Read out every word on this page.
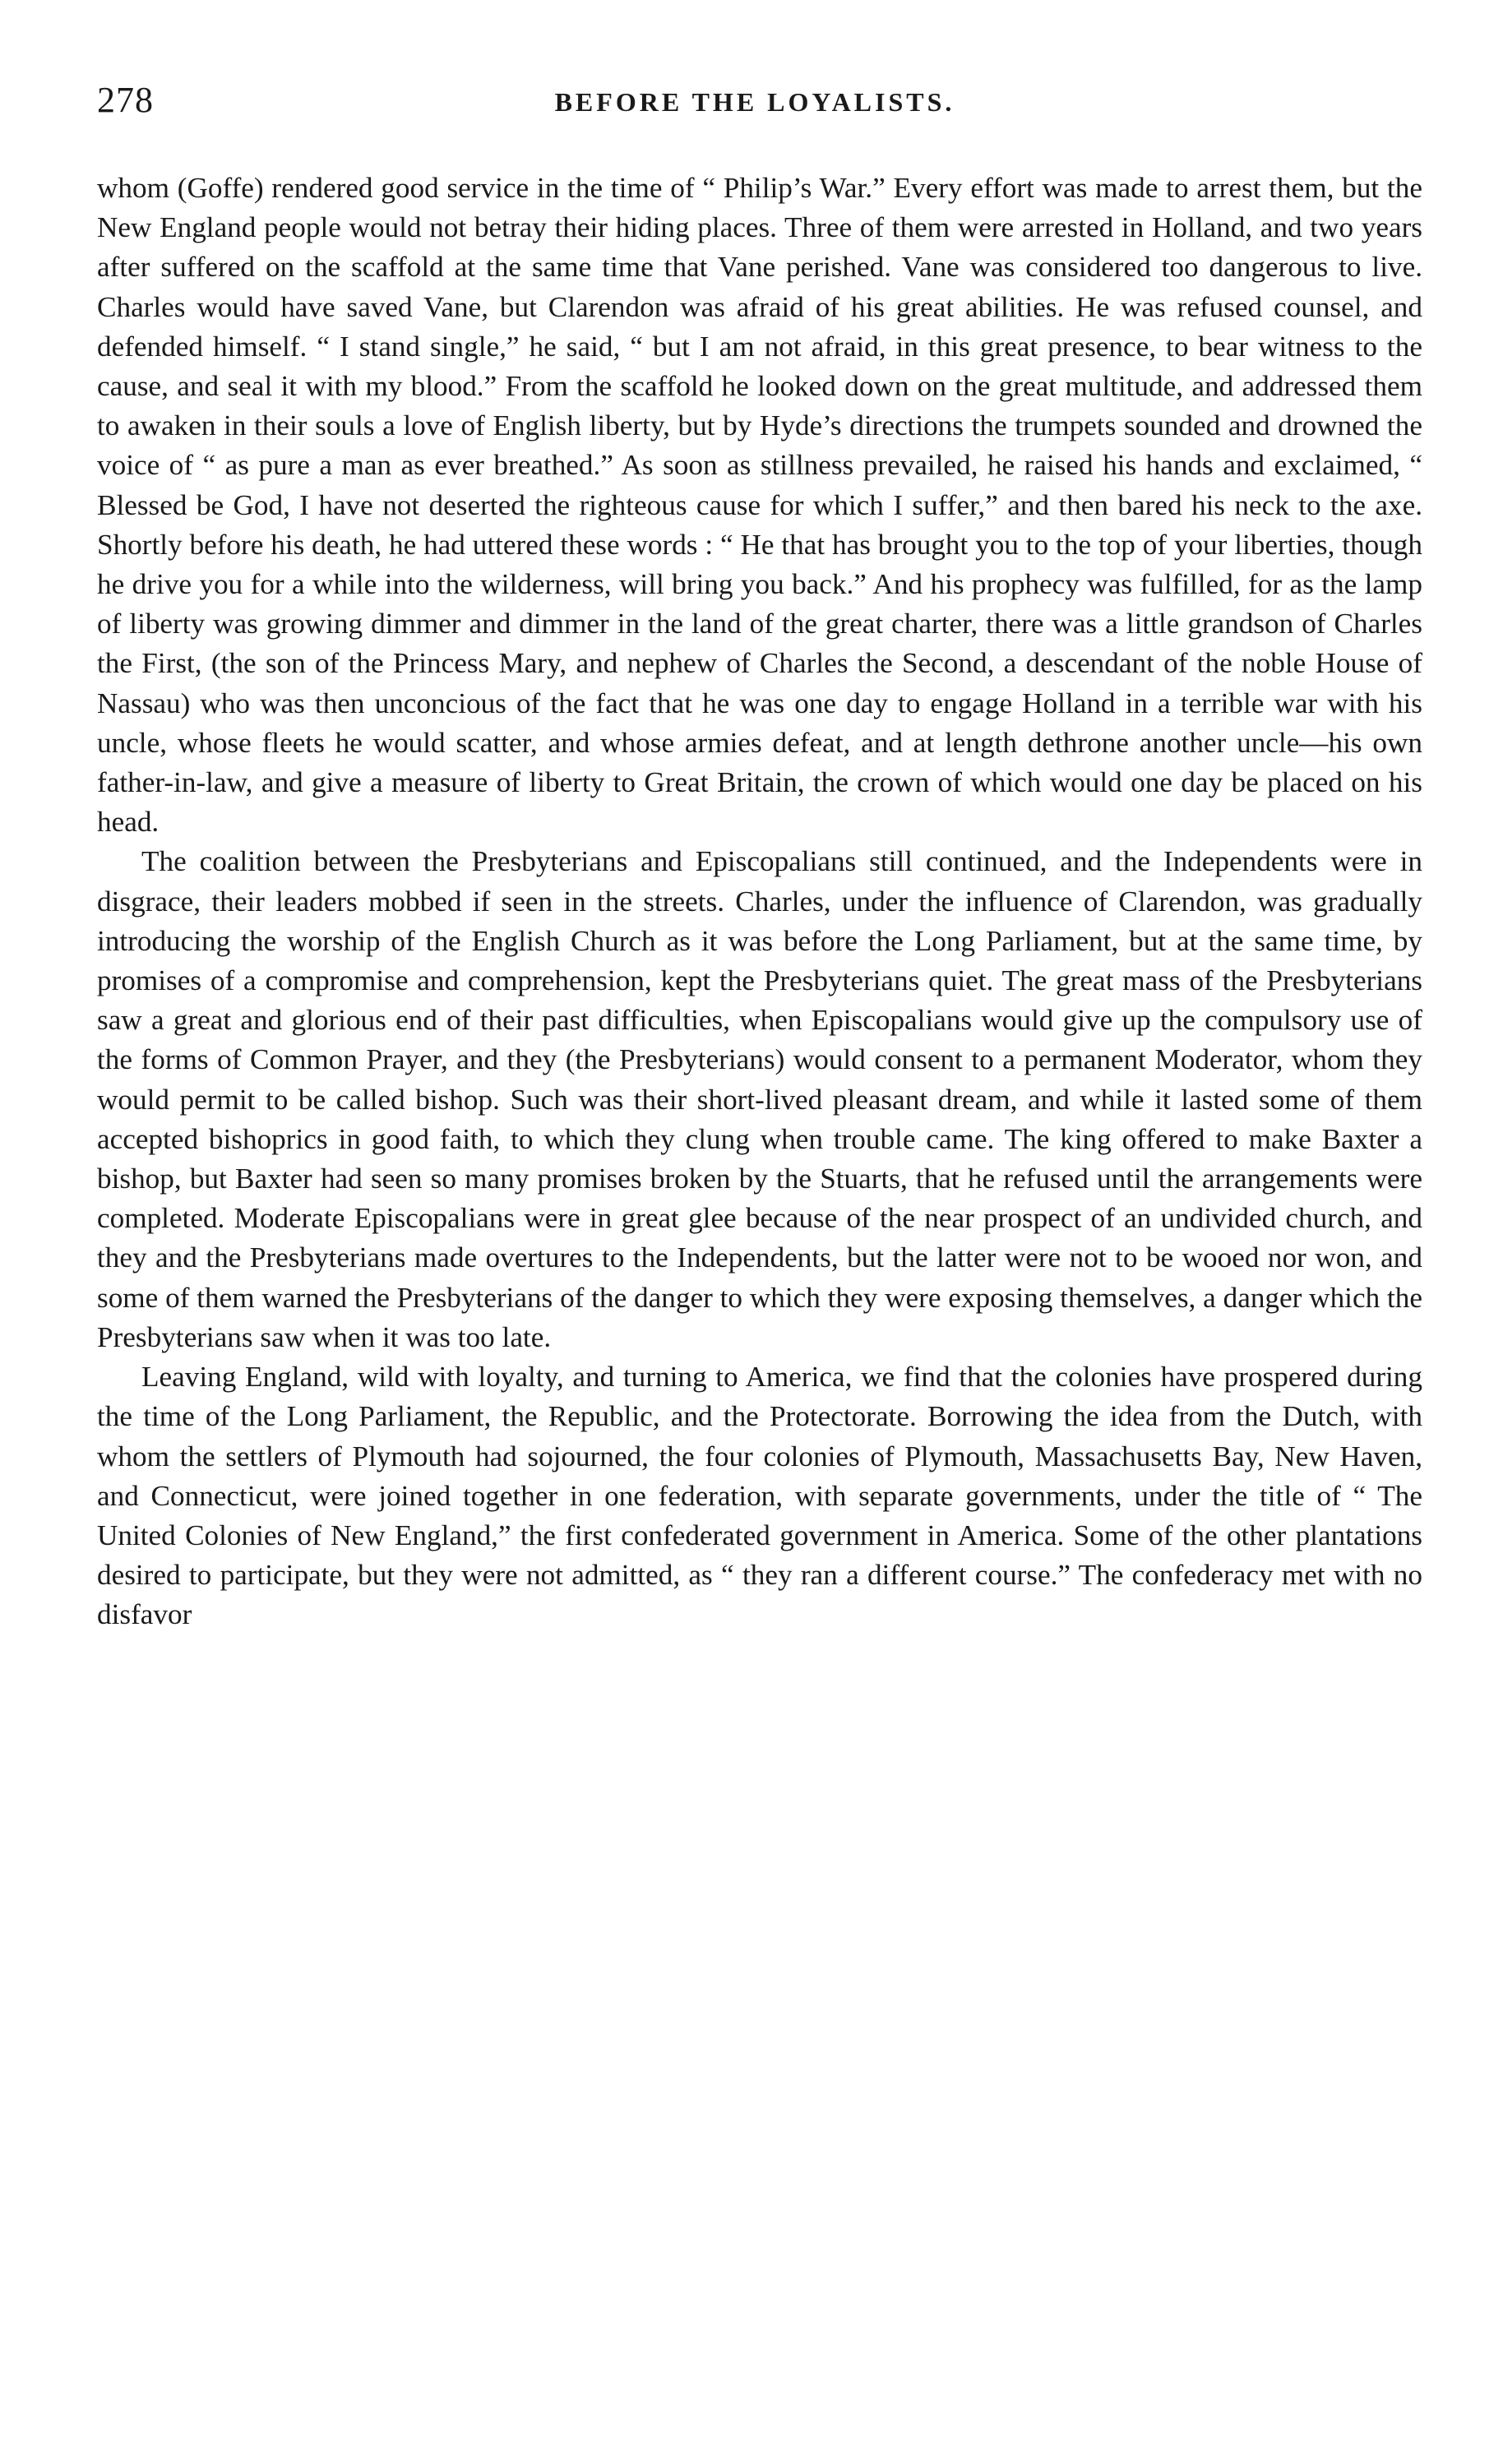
278	BEFORE THE LOYALISTS.

whom (Goffe) rendered good service in the time of “ Philip’s War.” Every effort was made to arrest them, but the New England people would not betray their hiding places. Three of them were arrested in Holland, and two years after suffered on the scaffold at the same time that Vane perished. Vane was considered too dangerous to live. Charles would have saved Vane, but Clarendon was afraid of his great abilities. He was refused counsel, and defended himself. “ I stand single,” he said, “ but I am not afraid, in this great presence, to bear witness to the cause, and seal it with my blood.” From the scaffold he looked down on the great multitude, and addressed them to awaken in their souls a love of English liberty, but by Hyde’s directions the trumpets sounded and drowned the voice of “ as pure a man as ever breathed.” As soon as stillness prevailed, he raised his hands and exclaimed, “ Blessed be God, I have not deserted the righteous cause for which I suffer,” and then bared his neck to the axe. Shortly before his death, he had uttered these words : “ He that has brought you to the top of your liberties, though he drive you for a while into the wilderness, will bring you back.” And his prophecy was fulfilled, for as the lamp of liberty was growing dimmer and dimmer in the land of the great charter, there was a little grandson of Charles the First, (the son of the Princess Mary, and nephew of Charles the Second, a descendant of the noble House of Nassau) who was then unconcious of the fact that he was one day to engage Holland in a terrible war with his uncle, whose fleets he would scatter, and whose armies defeat, and at length dethrone another uncle—his own father-in-law, and give a measure of liberty to Great Britain, the crown of which would one day be placed on his head.

The coalition between the Presbyterians and Episcopalians still continued, and the Independents were in disgrace, their leaders mobbed if seen in the streets. Charles, under the influence of Clarendon, was gradually introducing the worship of the English Church as it was before the Long Parliament, but at the same time, by promises of a compromise and comprehension, kept the Presbyterians quiet. The great mass of the Presbyterians saw a great and glorious end of their past difficulties, when Episcopalians would give up the compulsory use of the forms of Common Prayer, and they (the Presbyterians) would consent to a permanent Moderator, whom they would permit to be called bishop. Such was their short-lived pleasant dream, and while it lasted some of them accepted bishoprics in good faith, to which they clung when trouble came. The king offered to make Baxter a bishop, but Baxter had seen so many promises broken by the Stuarts, that he refused until the arrangements were completed. Moderate Episcopalians were in great glee because of the near prospect of an undivided church, and they and the Presbyterians made overtures to the Independents, but the latter were not to be wooed nor won, and some of them warned the Presbyterians of the danger to which they were exposing themselves, a danger which the Presbyterians saw when it was too late.

Leaving England, wild with loyalty, and turning to America, we find that the colonies have prospered during the time of the Long Parliament, the Republic, and the Protectorate. Borrowing the idea from the Dutch, with whom the settlers of Plymouth had sojourned, the four colonies of Plymouth, Massachusetts Bay, New Haven, and Connecticut, were joined together in one federation, with separate governments, under the title of “ The United Colonies of New England,” the first confederated government in America. Some of the other plantations desired to participate, but they were not admitted, as “ they ran a different course.” The confederacy met with no disfavor
